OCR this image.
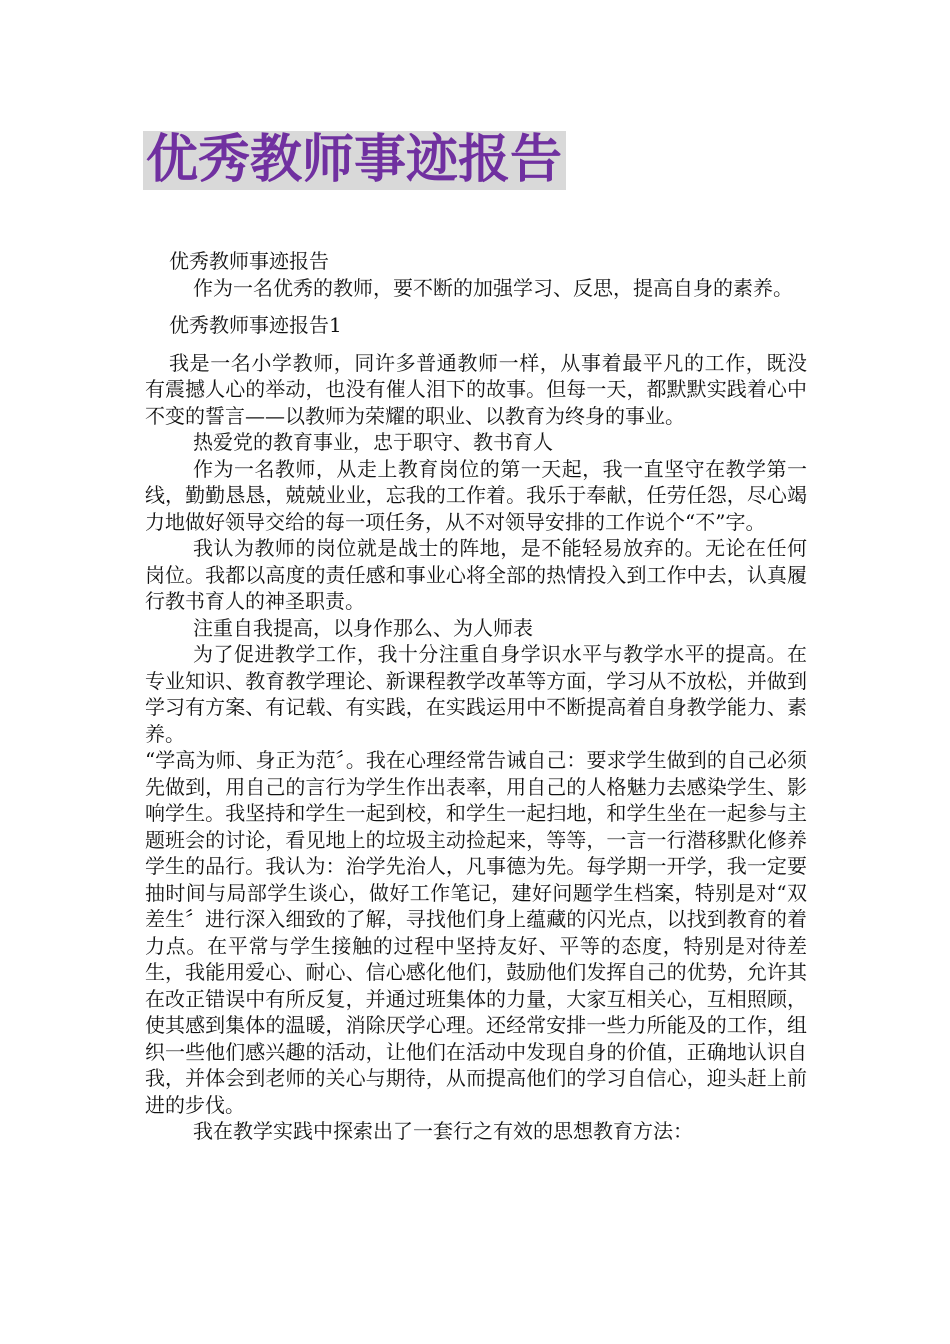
优秀教师事迹报告

优秀教师事迹报告

作为一名优秀的教师，要不断的加强学习、反思，提高自身的素养。

优秀教师事迹报告1

我是一名小学教师，同许多普通教师一样，从事着最平凡的工作，既没有震撼人心的举动，也没有催人泪下的故事。但每一天，都默默实践着心中不变的誓言——以教师为荣耀的职业、以教育为终身的事业。

热爱党的教育事业，忠于职守、教书育人

作为一名教师，从走上教育岗位的第一天起，我一直坚守在教学第一线，勤勤恳恳，兢兢业业，忘我的工作着。我乐于奉献，任劳任怨，尽心竭力地做好领导交给的每一项任务，从不对领导安排的工作说个“不”字。

我认为教师的岗位就是战士的阵地，是不能轻易放弃的。无论在任何岗位。我都以高度的责任感和事业心将全部的热情投入到工作中去，认真履行教书育人的神圣职责。

注重自我提高，以身作那么、为人师表

为了促进教学工作，我十分注重自身学识水平与教学水平的提高。在专业知识、教育教学理论、新课程教学改革等方面，学习从不放松，并做到学习有方案、有记载、有实践，在实践运用中不断提高着自身教学能力、素养。

“学高为师、身正为范〞。我在心理经常告诫自己：要求学生做到的自己必须先做到，用自己的言行为学生作出表率，用自己的人格魅力去感染学生、影响学生。我坚持和学生一起到校，和学生一起扫地，和学生坐在一起参与主题班会的讨论，看见地上的垃圾主动捡起来，等等，一言一行潜移默化修养学生的品行。我认为：治学先治人，凡事德为先。每学期一开学，我一定要抽时间与局部学生谈心，做好工作笔记，建好问题学生档案，特别是对“双差生〞进行深入细致的了解，寻找他们身上蕴藏的闪光点，以找到教育的着力点。在平常与学生接触的过程中坚持友好、平等的态度，特别是对待差生，我能用爱心、耐心、信心感化他们，鼓励他们发挥自己的优势，允许其在改正错误中有所反复，并通过班集体的力量，大家互相关心，互相照顾，使其感到集体的温暖，消除厌学心理。还经常安排一些力所能及的工作，组织一些他们感兴趣的活动，让他们在活动中发现自身的价值，正确地认识自我，并体会到老师的关心与期待，从而提高他们的学习自信心，迎头赶上前进的步伐。

我在教学实践中探索出了一套行之有效的思想教育方法：
